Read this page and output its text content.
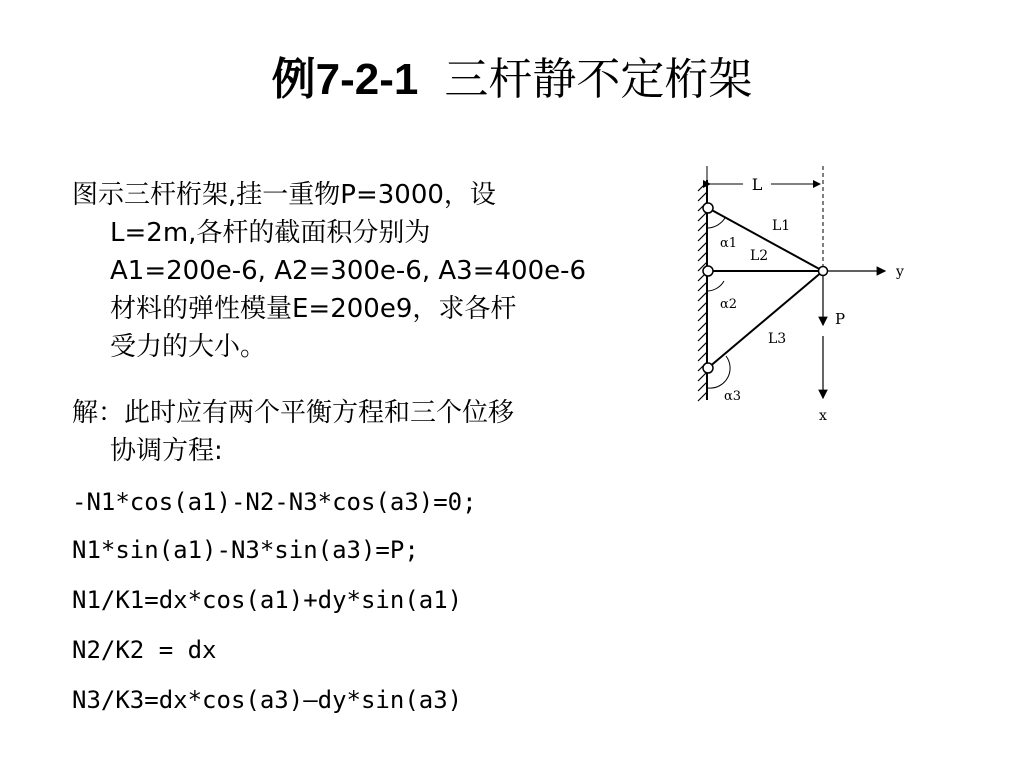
例7-2-1 三杆静不定桁架
图示三杆桁架,挂一重物P=3000，设
L=2m,各杆的截面积分别为
A1=200e-6, A2=300e-6, A3=400e-6
材料的弹性模量E=200e9，求各杆
受力的大小。
解：此时应有两个平衡方程和三个位移
协调方程:
-N1*cos(a1)-N2-N3*cos(a3)=0;
N1*sin(a1)-N3*sin(a3)=P;
N1/K1=dx*cos(a1)+dy*sin(a1)
N2/K2 = dx
N3/K3=dx*cos(a3)—dy*sin(a3)
L
L1
L2
L3
α1
α2
α3
y
P
x
